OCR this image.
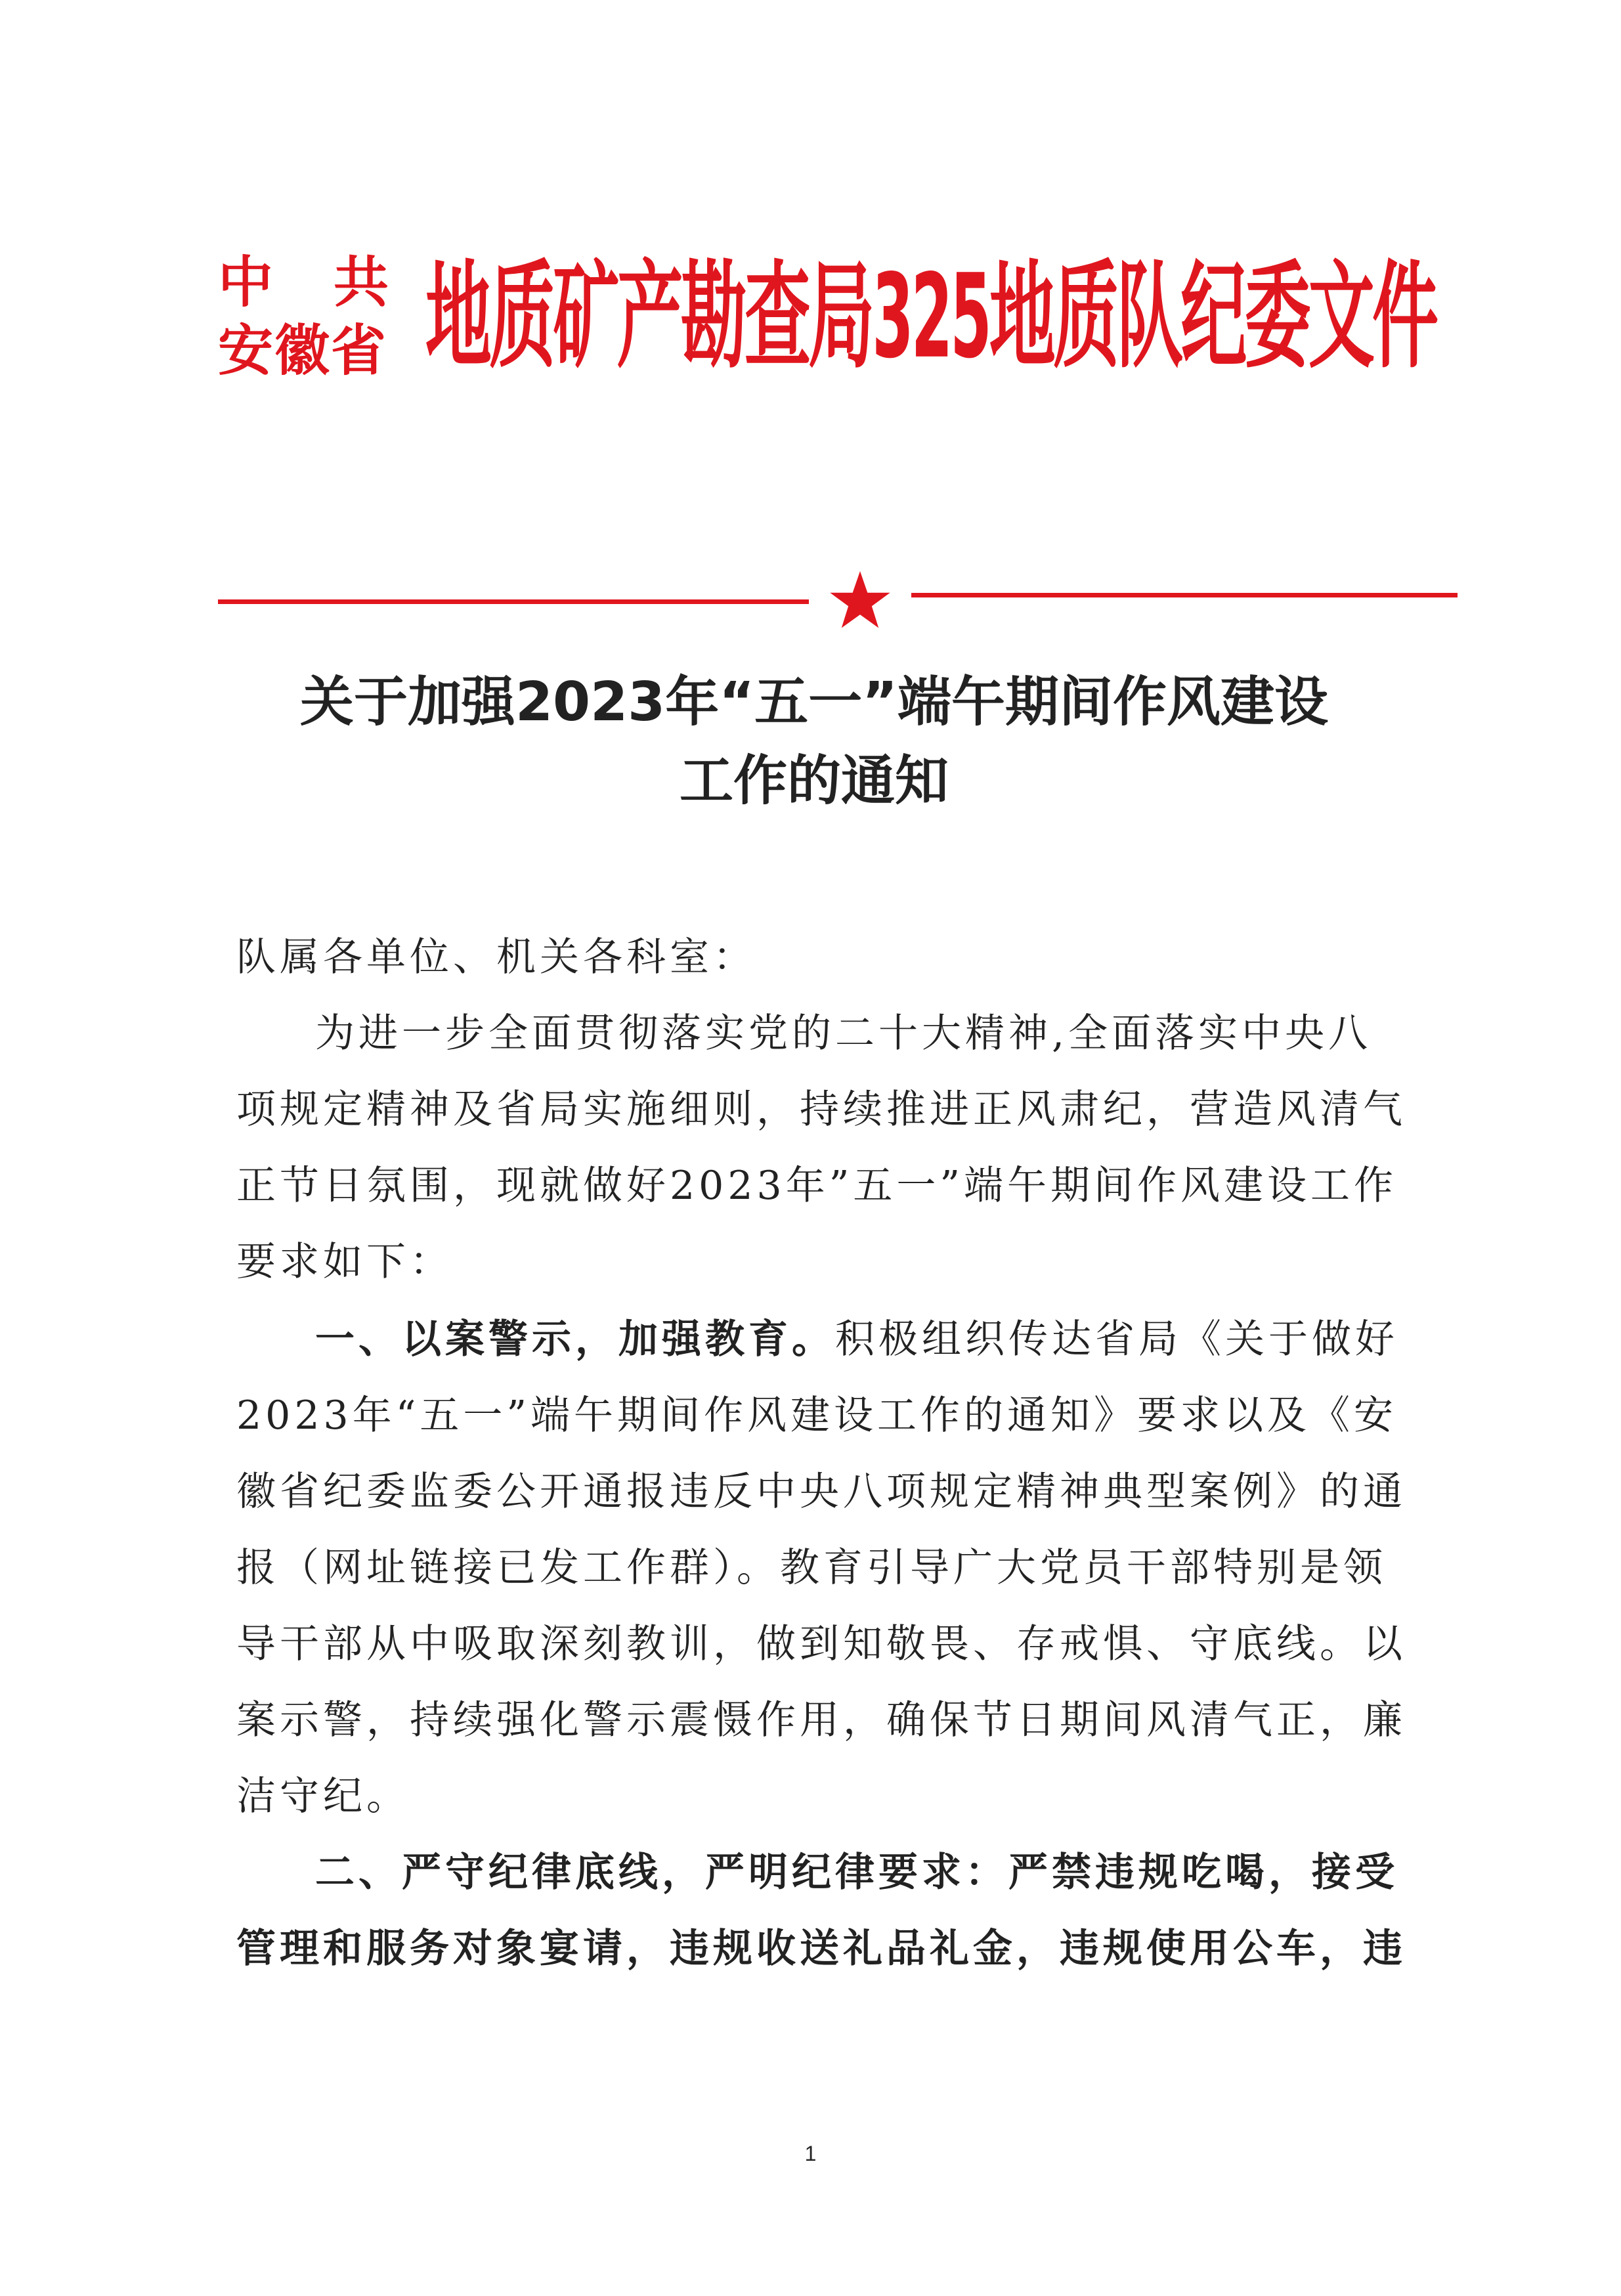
中 共
安徽省 地质矿产勘查局325地质队纪委文件
关于加强2023年“五一”端午期间作风建设
工作的通知
队属各单位、机关各科室：
为进一步全面贯彻落实党的二十大精神,全面落实中央八项规定精神及省局实施细则，持续推进正风肃纪，营造风清气正节日氛围，现就做好2023年”五一”端午期间作风建设工作要求如下：
一、以案警示，加强教育。积极组织传达省局《关于做好2023年“五一”端午期间作风建设工作的通知》要求以及《安徽省纪委监委公开通报违反中央八项规定精神典型案例》的通报（网址链接已发工作群）。教育引导广大党员干部特别是领导干部从中吸取深刻教训，做到知敬畏、存戒惧、守底线。以案示警，持续强化警示震慑作用，确保节日期间风清气正，廉洁守纪。
二、严守纪律底线，严明纪律要求：严禁违规吃喝，接受管理和服务对象宴请，违规收送礼品礼金，违规使用公车，违
1
